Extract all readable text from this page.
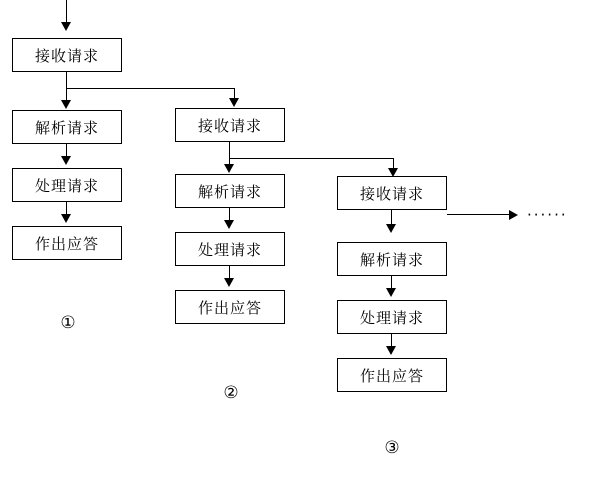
接收请求
解析请求
处理请求
作出应答
①
接收请求
解析请求
处理请求
作出应答
②
接收请求
······
解析请求
处理请求
作出应答
③
